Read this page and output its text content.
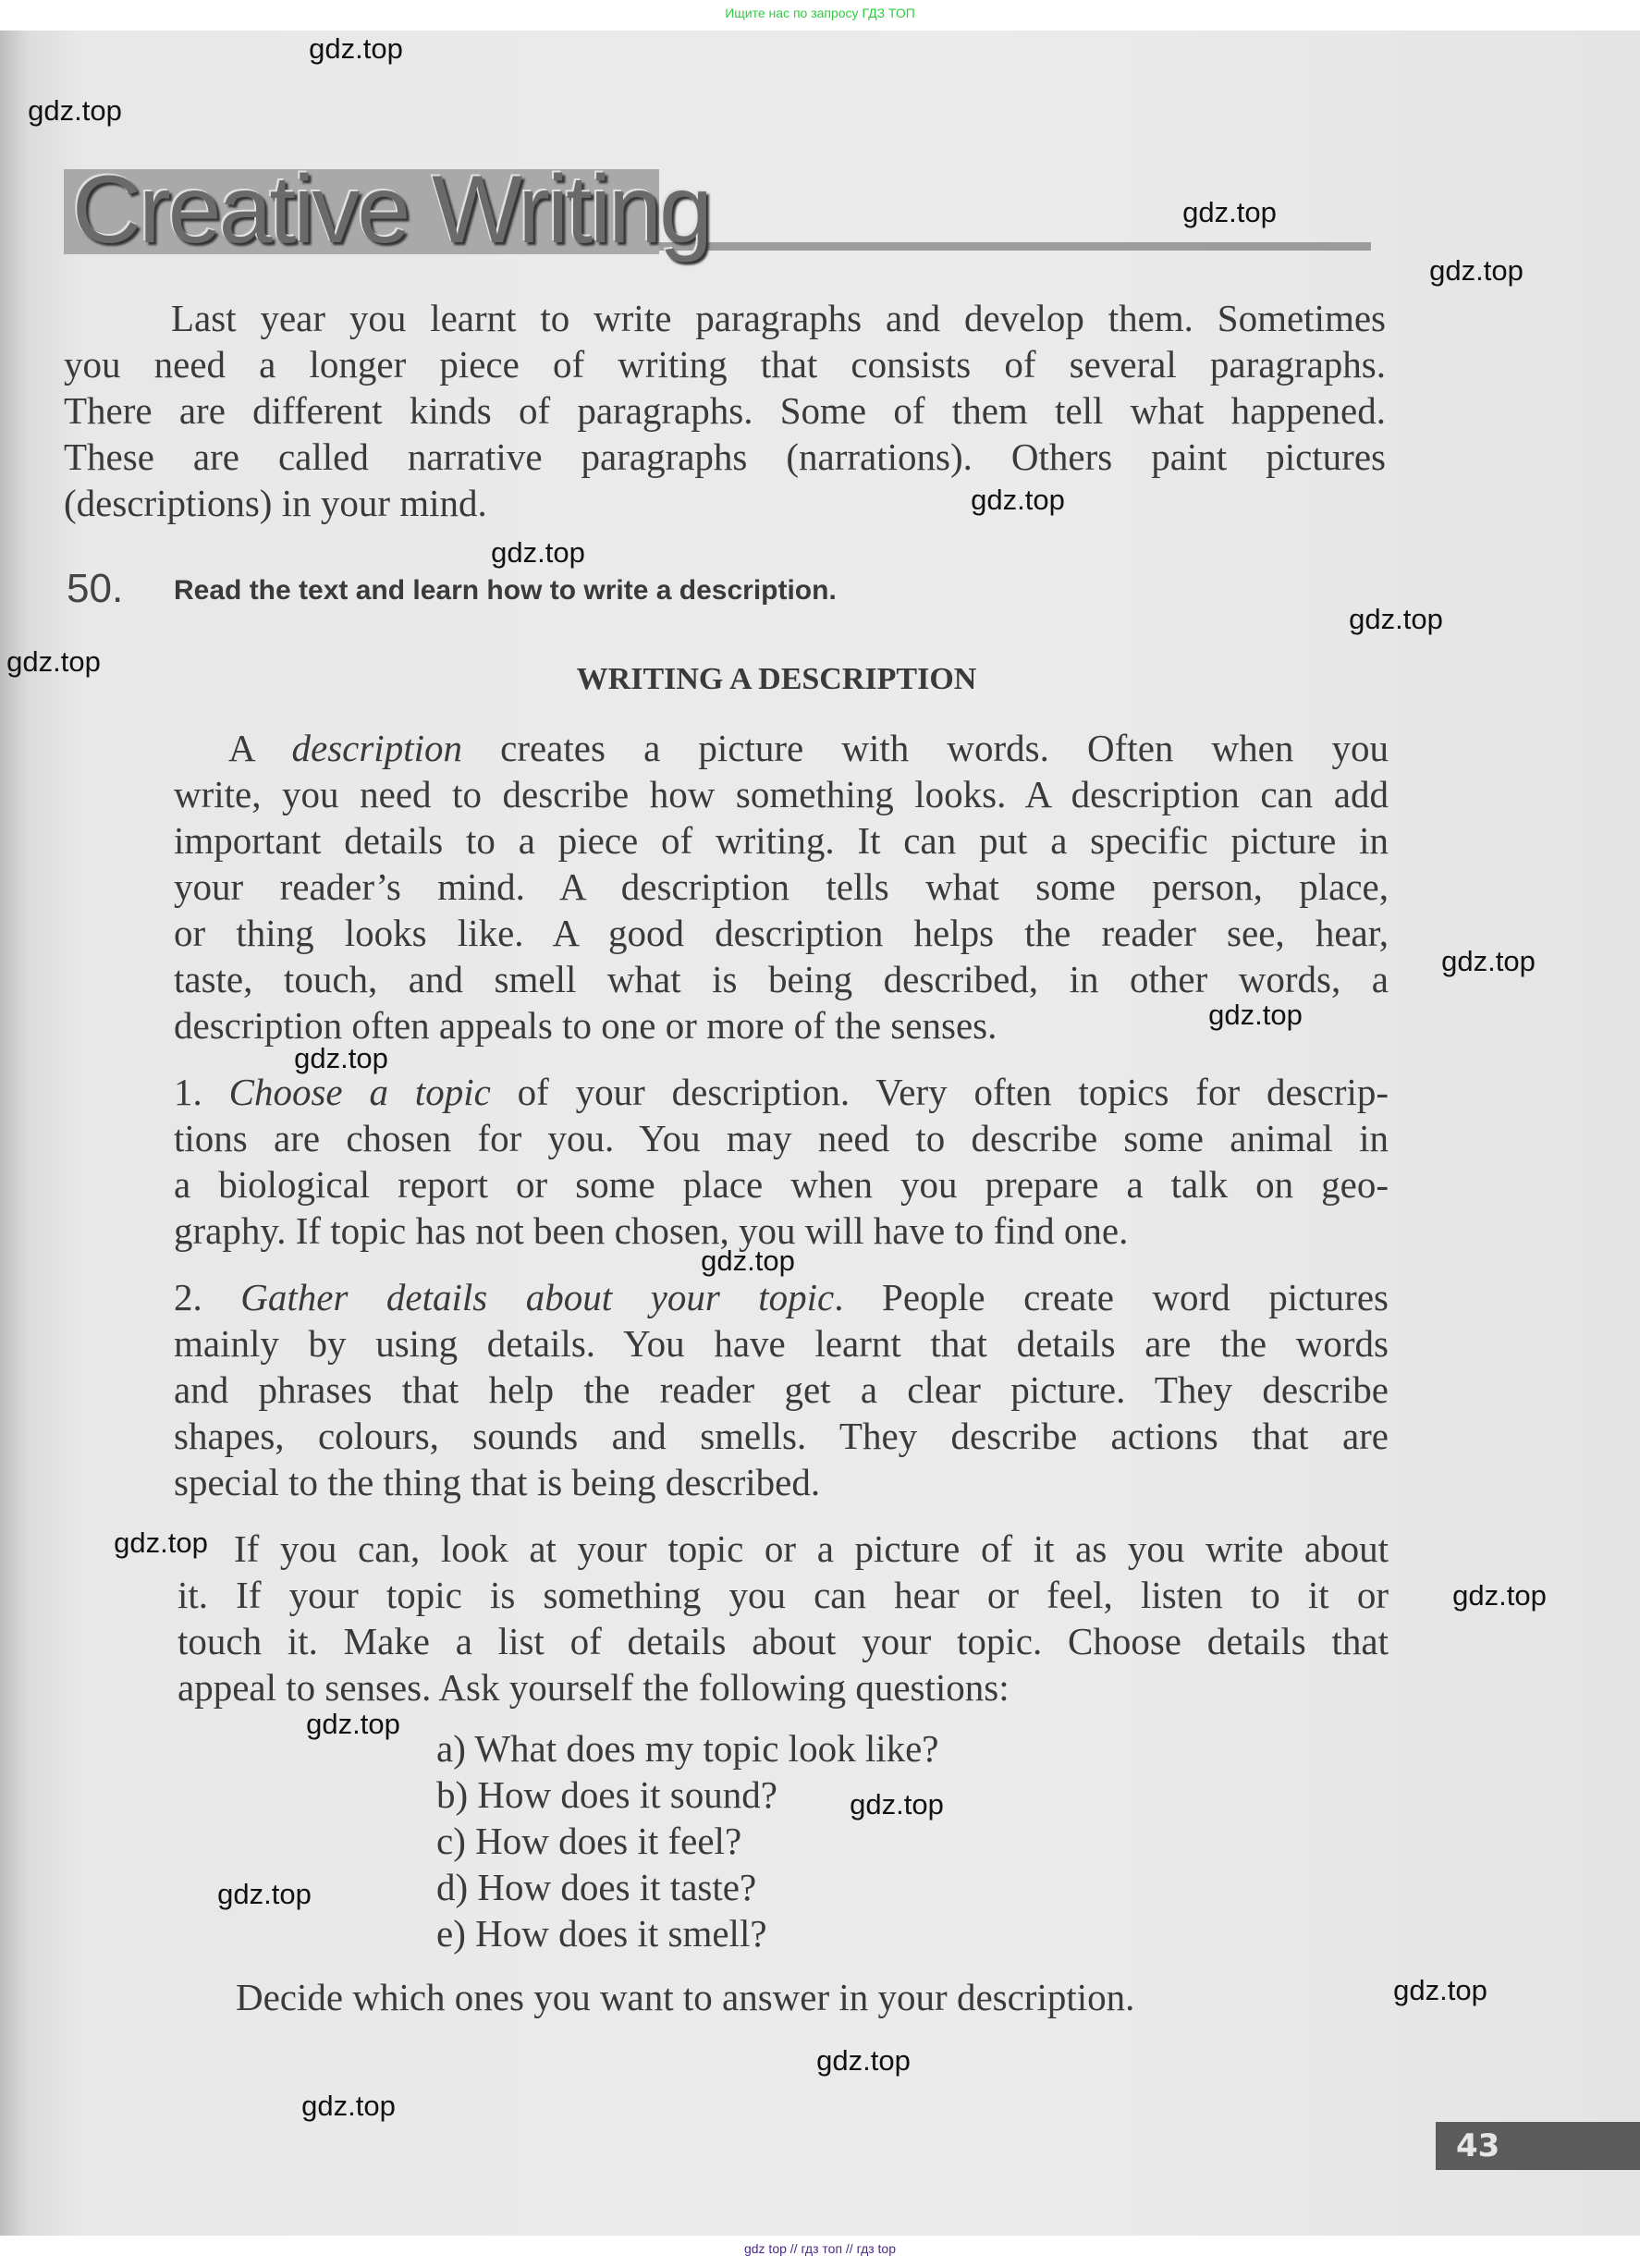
Ищите нас по запросу ГДЗ ТОП
Creative Writing
Last year you learnt to write paragraphs and develop them. Sometimes
you need a longer piece of writing that consists of several paragraphs.
There are different kinds of paragraphs. Some of them tell what happened.
These are called narrative paragraphs (narrations). Others paint pictures
(descriptions) in your mind.
50. Read the text and learn how to write a description.
WRITING A DESCRIPTION
A description creates a picture with words. Often when you
write, you need to describe how something looks. A description can add
important details to a piece of writing. It can put a specific picture in
your reader’s mind. A description tells what some person, place,
or thing looks like. A good description helps the reader see, hear,
taste, touch, and smell what is being described, in other words, a
description often appeals to one or more of the senses.
1. Choose a topic of your description. Very often topics for descrip-
tions are chosen for you. You may need to describe some animal in
a biological report or some place when you prepare a talk on geo-
graphy. If topic has not been chosen, you will have to find one.
2. Gather details about your topic. People create word pictures
mainly by using details. You have learnt that details are the words
and phrases that help the reader get a clear picture. They describe
shapes, colours, sounds and smells. They describe actions that are
special to the thing that is being described.
If you can, look at your topic or a picture of it as you write about
it. If your topic is something you can hear or feel, listen to it or
touch it. Make a list of details about your topic. Choose details that
appeal to senses. Ask yourself the following questions:
a) What does my topic look like?
b) How does it sound?
c) How does it feel?
d) How does it taste?
e) How does it smell?
Decide which ones you want to answer in your description.
43
gdz.top
gdz.top
gdz.top
gdz.top
gdz.top
gdz.top
gdz.top
gdz.top
gdz.top
gdz.top
gdz.top
gdz.top
gdz.top
gdz.top
gdz.top
gdz.top
gdz.top
gdz.top
gdz.top
gdz.top
gdz top // гдз топ // гдз top
